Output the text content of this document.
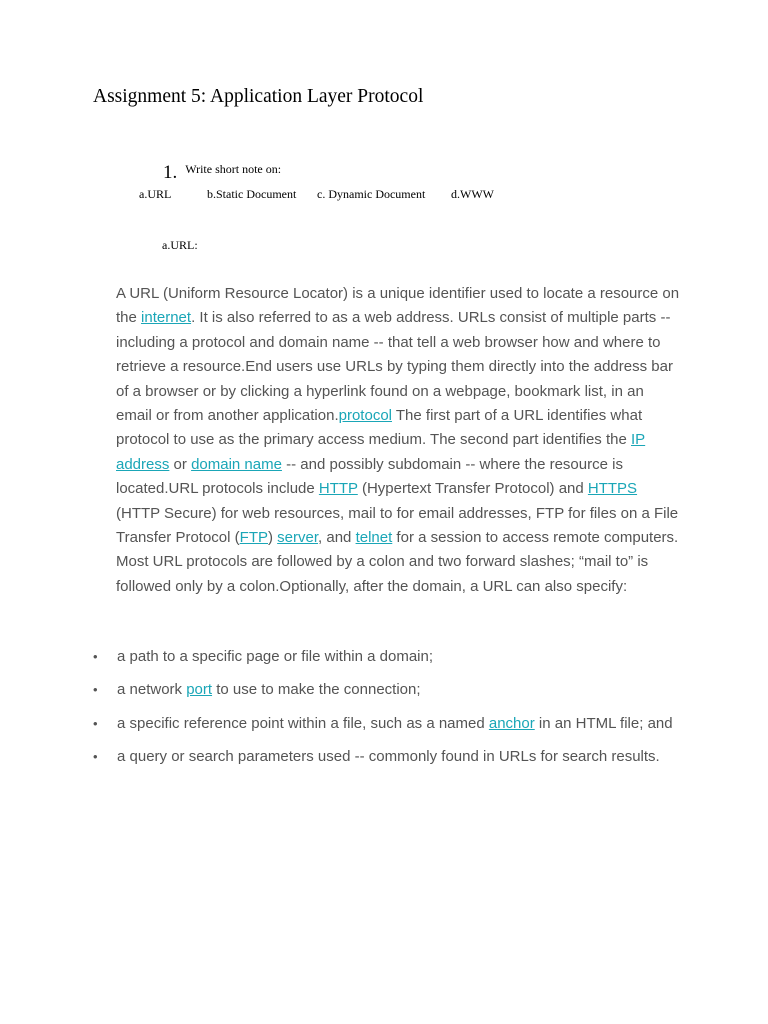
Assignment 5: Application Layer Protocol
1. Write short note on:
a.URL	b.Static Document c. Dynamic Document d.WWW
a.URL:

A URL (Uniform Resource Locator) is a unique identifier used to locate a resource on the internet. It is also referred to as a web address. URLs consist of multiple parts -- including a protocol and domain name -- that tell a web browser how and where to retrieve a resource.End users use URLs by typing them directly into the address bar of a browser or by clicking a hyperlink found on a webpage, bookmark list, in an email or from another application.protocol The first part of a URL identifies what protocol to use as the primary access medium. The second part identifies the IP address or domain name -- and possibly subdomain -- where the resource is located.URL protocols include HTTP (Hypertext Transfer Protocol) and HTTPS (HTTP Secure) for web resources, mail to for email addresses, FTP for files on a File Transfer Protocol (FTP) server, and telnet for a session to access remote computers. Most URL protocols are followed by a colon and two forward slashes; “mail to” is followed only by a colon.Optionally, after the domain, a URL can also specify:

• a path to a specific page or file within a domain;
• a network port to use to make the connection;
• a specific reference point within a file, such as a named anchor in an HTML file; and
• a query or search parameters used -- commonly found in URLs for search results.
